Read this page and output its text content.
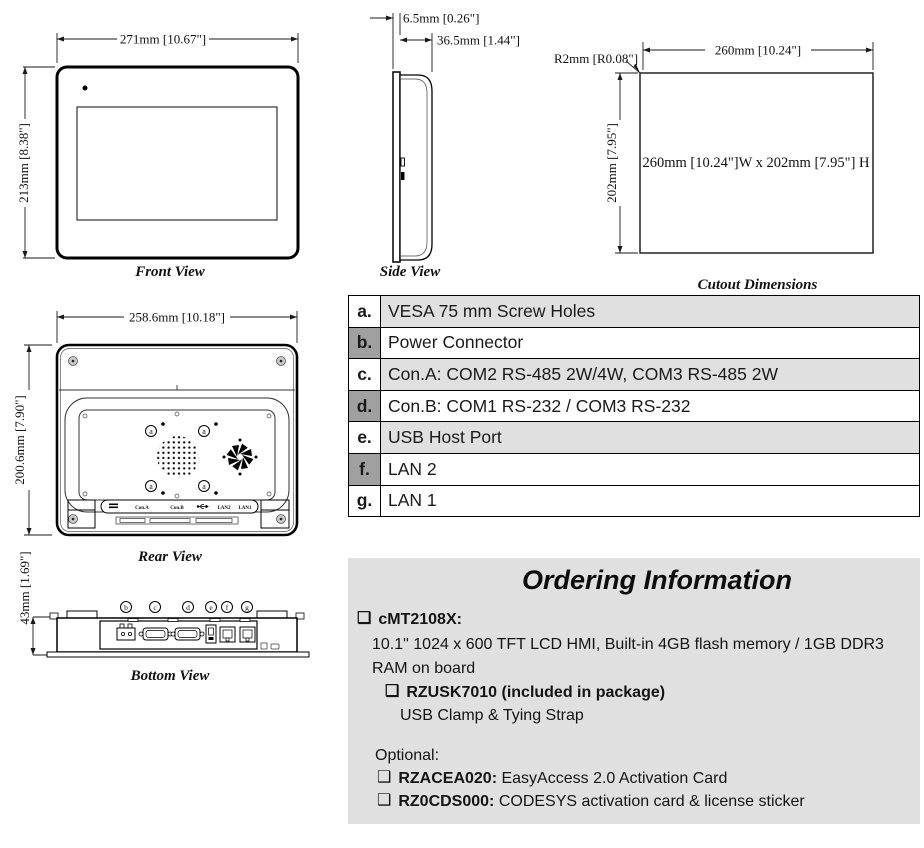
271mm [10.67"]
213mm [8.38"]
Front View
6.5mm [0.26"]
36.5mm [1.44"]
Side View
260mm [10.24"]
202mm [7.95"]
R2mm [R0.08"]
260mm [10.24"]W x 202mm [7.95"] H
Cutout Dimensions
a.	VESA 75 mm Screw Holes
b.	Power Connector
c.	Con.A: COM2 RS-485 2W/4W, COM3 RS-485 2W
d.	Con.B: COM1 RS-232 / COM3 RS-232
e.	USB Host Port
f.	LAN 2
g.	LAN 1
258.6mm [10.18"]
200.6mm [7.90"]	a	a
a	a
Con.A	Con.B	LAN2 LAN1
Rear View
43mm [1.69"]	b	c	d	e f g
Bottom View
Ordering Information
❑ cMT2108X:
10.1" 1024 x 600 TFT LCD HMI, Built-in 4GB flash memory / 1GB DDR3
RAM on board
❑ RZUSK7010 (included in package)
USB Clamp & Tying Strap
Optional:
❑ RZACEA020: EasyAccess 2.0 Activation Card
❑ RZ0CDS000: CODESYS activation card & license sticker
